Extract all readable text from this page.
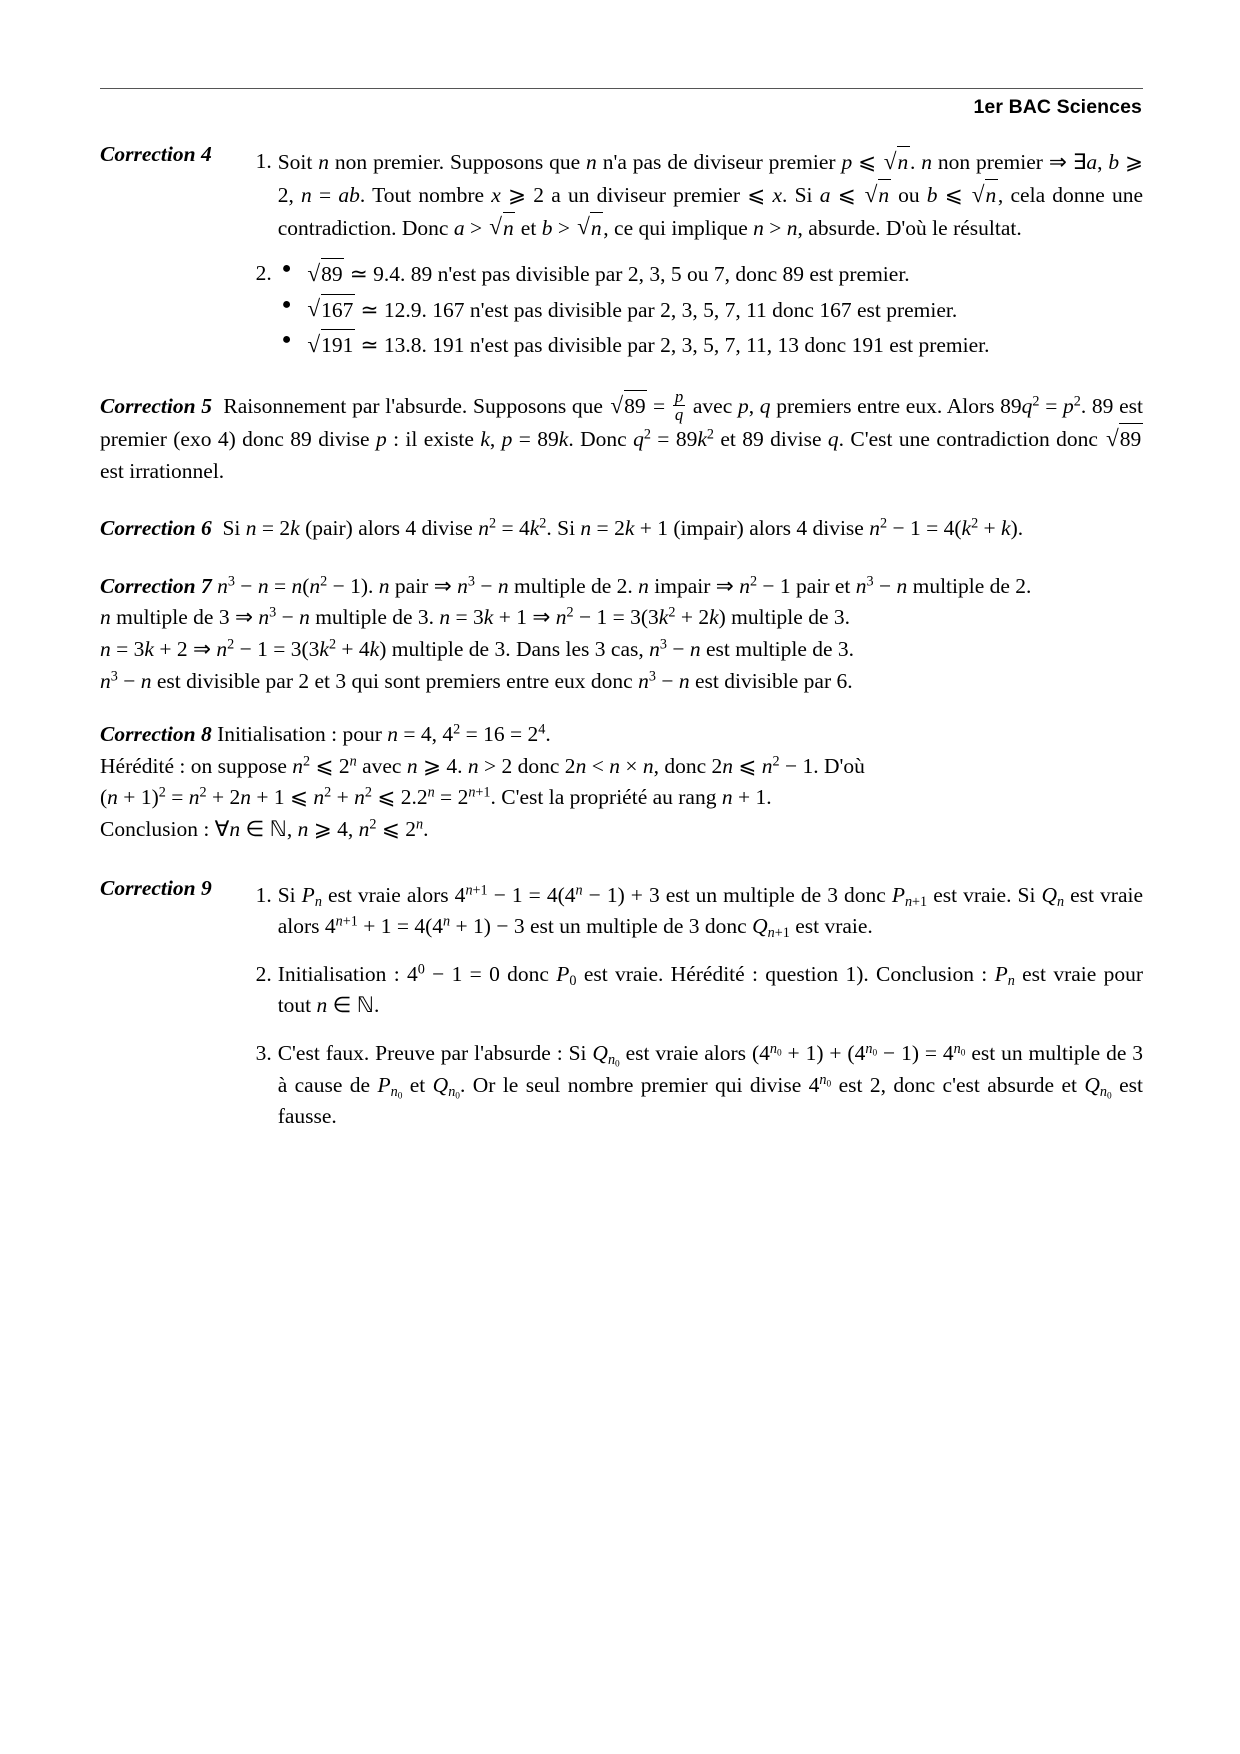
1er BAC Sciences
Correction 4	1. Soit n non premier. Supposons que n n'a pas de diviseur premier p ⩽ √ n. n non premier ⇒ ∃a, b ⩾ 2, n = ab. Tout nombre x ⩾ 2 a un diviseur premier ⩽ x. Si a ⩽ √ n ou b ⩽ √ n, cela donne une contradiction. Donc a > √ n et b > √ n, ce qui implique n > n, absurde. D'où le résultat.
2. ● √ 89 ≃ 9.4. 89 n'est pas divisible par 2, 3, 5 ou 7, donc 89 est premier.
● √ 167 ≃ 12.9. 167 n'est pas divisible par 2, 3, 5, 7, 11 donc 167 est premier.
● √ 191 ≃ 13.8. 191 n'est pas divisible par 2, 3, 5, 7, 11, 13 donc 191 est premier.

Correction 5  Raisonnement par l'absurde. Supposons que √ $89 = \frac{p}{q}$ avec p, q premiers entre eux. Alors $89q^2 = p^2$. 89 est premier (exo 4) donc 89 divise p : il existe k, p = 89k. Donc $q^2 = 89k^2$ et 89 divise q. C'est une contradiction donc √ 89 est irrationnel.

Correction 6  Si n = 2k (pair) alors 4 divise $n^2 = 4k^2$. Si n = 2k + 1 (impair) alors 4 divise $n^2 - 1 = 4(k^2 + k)$.

Correction 7 $n^3 - n = n(n^2 - 1)$. n pair ⇒ $n^3 - n$ multiple de 2. n impair ⇒ $n^2 - 1$ pair et $n^3 - n$ multiple de 2.
n multiple de 3 ⇒ $n^3 - n$ multiple de 3. n = 3k + 1 ⇒ $n^2 - 1 = 3(3k^2 + 2k)$ multiple de 3.
n = 3k + 2 ⇒ $n^2 - 1 = 3(3k^2 + 4k)$ multiple de 3. Dans les 3 cas, $n^3 - n$ est multiple de 3.
$n^3 - n$ est divisible par 2 et 3 qui sont premiers entre eux donc $n^3 - n$ est divisible par 6.
Correction 8 Initialisation : pour n = 4, $4^2 = 16 = 2^4$.
Hérédité : on suppose $n^2$ ⩽ 2$^n$ avec n ⩾ 4. n > 2 donc 2n < n × n, donc 2n ⩽ $n^2 - 1$. D'où
$(n + 1)^2 = n^2 + 2n + 1$ ⩽ $n^2 + n^2$ ⩽ $2.2^n = 2^{n+1}$. C'est la propriété au rang n + 1.
Conclusion : ∀n ∈ ℕ, n ⩾ 4, $n^2$ ⩽ 2$^n$.
Correction 9	1. Si $P_n$ est vraie alors $4^{n+1} - 1 = 4(4^n - 1) + 3$ est un multiple de 3 donc $P_{n+1}$ est vraie. Si $Q_n$ est vraie alors $4^{n+1} + 1 = 4(4^n + 1) - 3$ est un multiple de 3 donc $Q_{n+1}$ est vraie.
2. Initialisation : $4^0 - 1 = 0$ donc $P_0$ est vraie. Hérédité : question 1). Conclusion : $P_n$ est vraie pour tout n ∈ ℕ.
3. C'est faux. Preuve par l'absurde : Si $Q_{n_0}$ est vraie alors $(4^{n_0} + 1) + (4^{n_0} - 1) = 4^{n_0}$ est un multiple de 3 à cause de $P_{n_0}$ et $Q_{n_0}$. Or le seul nombre premier qui divise $4^{n_0}$ est 2, donc c'est absurde et $Q_{n_0}$ est fausse.
